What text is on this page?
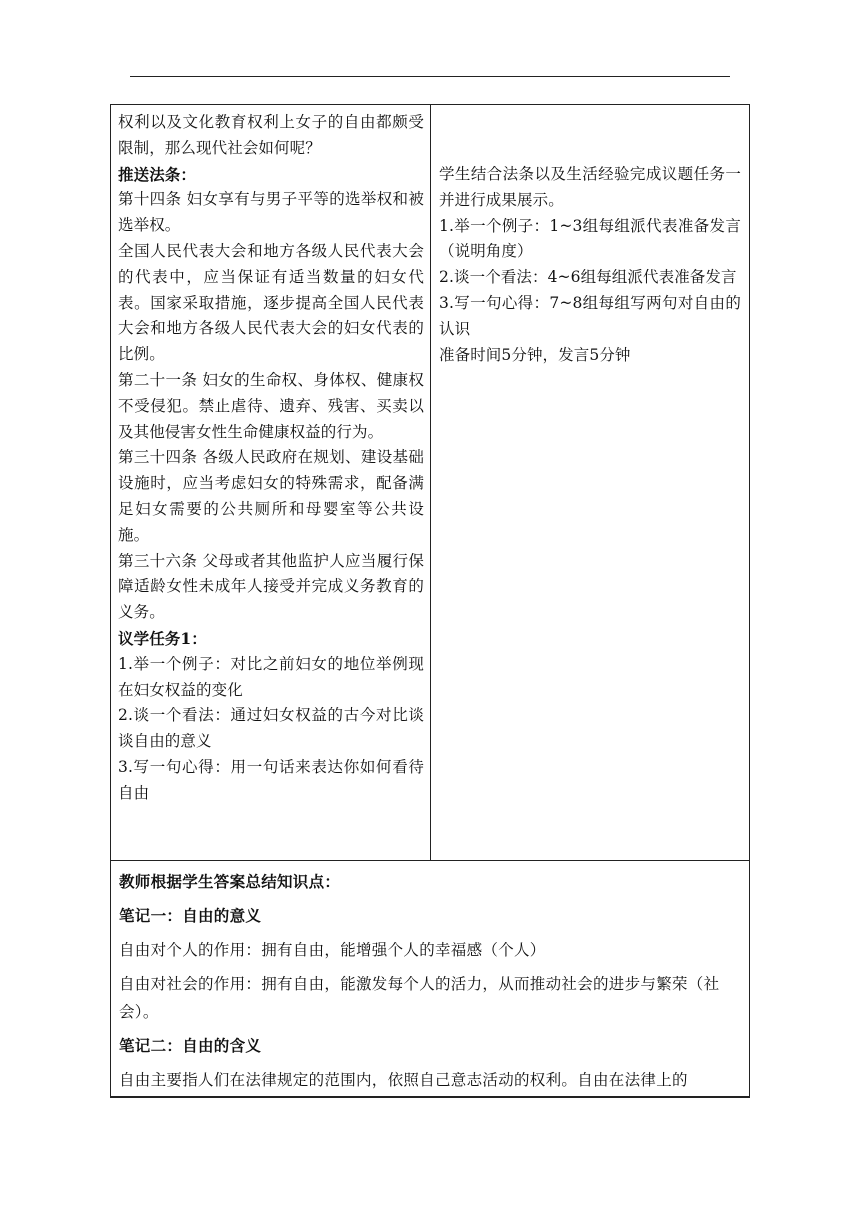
权利以及文化教育权利上女子的自由都颇受限制，那么现代社会如何呢？

推送法条：

第十四条 妇女享有与男子平等的选举权和被选举权。

全国人民代表大会和地方各级人民代表大会的代表中，应当保证有适当数量的妇女代表。国家采取措施，逐步提高全国人民代表大会和地方各级人民代表大会的妇女代表的比例。

第二十一条 妇女的生命权、身体权、健康权不受侵犯。禁止虐待、遗弃、残害、买卖以及其他侵害女性生命健康权益的行为。

第三十四条 各级人民政府在规划、建设基础设施时，应当考虑妇女的特殊需求，配备满足妇女需要的公共厕所和母婴室等公共设施。

第三十六条 父母或者其他监护人应当履行保障适龄女性未成年人接受并完成义务教育的义务。

议学任务1：

1.举一个例子：对比之前妇女的地位举例现在妇女权益的变化

2.谈一个看法：通过妇女权益的古今对比谈谈自由的意义

3.写一句心得：用一句话来表达你如何看待自由

学生结合法条以及生活经验完成议题任务一并进行成果展示。

1.举一个例子：1~3组每组派代表准备发言（说明角度）

2.谈一个看法：4~6组每组派代表准备发言

3.写一句心得：7~8组每组写两句对自由的认识

准备时间5分钟，发言5分钟

教师根据学生答案总结知识点：

笔记一：自由的意义

自由对个人的作用：拥有自由，能增强个人的幸福感（个人）

自由对社会的作用：拥有自由，能激发每个人的活力，从而推动社会的进步与繁荣（社会）。

笔记二：自由的含义

自由主要指人们在法律规定的范围内，依照自己意志活动的权利。自由在法律上的
